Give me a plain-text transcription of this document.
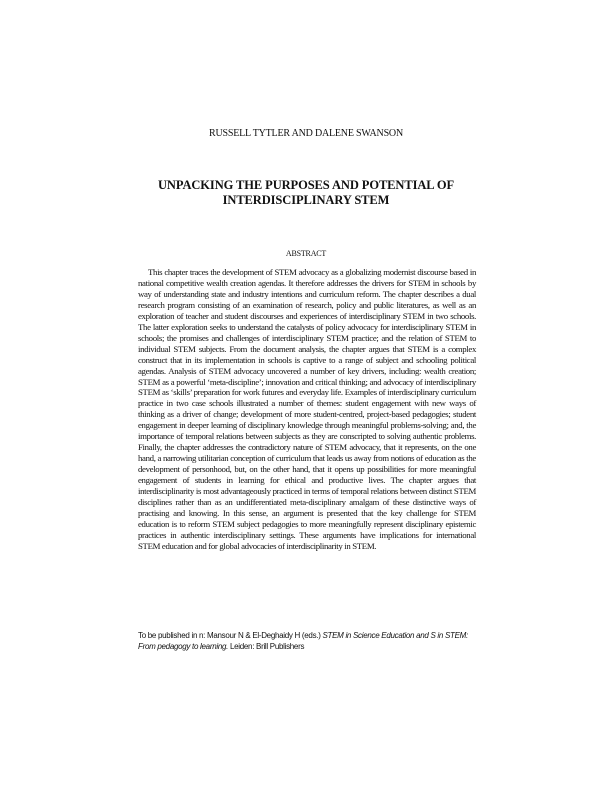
RUSSELL TYTLER AND DALENE SWANSON
UNPACKING THE PURPOSES AND POTENTIAL OF
INTERDISCIPLINARY STEM
ABSTRACT

This chapter traces the development of STEM advocacy as a globalizing modernist discourse based in national competitive wealth creation agendas. It therefore addresses the drivers for STEM in schools by way of understanding state and industry intentions and curriculum reform. The chapter describes a dual research program consisting of an examination of research, policy and public literatures, as well as an exploration of teacher and student discourses and experiences of interdisciplinary STEM in two schools. The latter exploration seeks to understand the catalysts of policy advocacy for interdisciplinary STEM in schools; the promises and challenges of interdisciplinary STEM practice; and the relation of STEM to individual STEM subjects. From the document analysis, the chapter argues that STEM is a complex construct that in its implementation in schools is captive to a range of subject and schooling political agendas. Analysis of STEM advocacy uncovered a number of key drivers, including: wealth creation; STEM as a powerful ‘meta-discipline’; innovation and critical thinking; and advocacy of interdisciplinary STEM as ‘skills’ preparation for work futures and everyday life. Examples of interdisciplinary curriculum practice in two case schools illustrated a number of themes: student engagement with new ways of thinking as a driver of change; development of more student-centred, project-based pedagogies; student engagement in deeper learning of disciplinary knowledge through meaningful problems-solving; and, the importance of temporal relations between subjects as they are conscripted to solving authentic problems. Finally, the chapter addresses the contradictory nature of STEM advocacy, that it represents, on the one hand, a narrowing utilitarian conception of curriculum that leads us away from notions of education as the development of personhood, but, on the other hand, that it opens up possibilities for more meaningful engagement of students in learning for ethical and productive lives. The chapter argues that interdisciplinarity is most advantageously practiced in terms of temporal relations between distinct STEM disciplines rather than as an undifferentiated meta-disciplinary amalgam of these distinctive ways of practising and knowing. In this sense, an argument is presented that the key challenge for STEM education is to reform STEM subject pedagogies to more meaningfully represent disciplinary epistemic practices in authentic interdisciplinary settings. These arguments have implications for international STEM education and for global advocacies of interdisciplinarity in STEM.

To be published in n: Mansour N & El-Deghaidy H (eds.) STEM in Science Education and S in STEM: From pedagogy to learning. Leiden: Brill Publishers
